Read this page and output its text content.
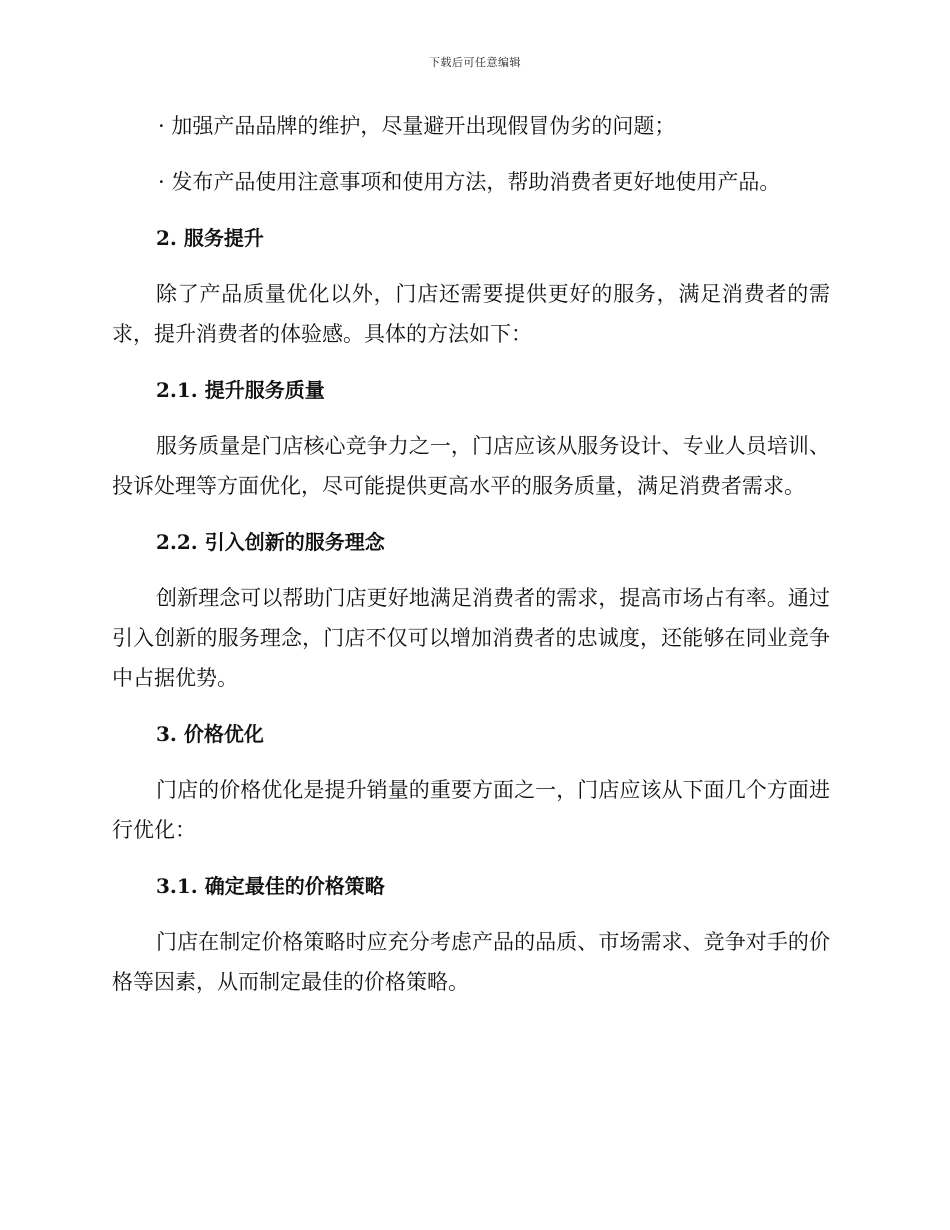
下载后可任意编辑

· 加强产品品牌的维护，尽量避开出现假冒伪劣的问题；

· 发布产品使用注意事项和使用方法，帮助消费者更好地使用产品。

2. 服务提升

除了产品质量优化以外，门店还需要提供更好的服务，满足消费者的需求，提升消费者的体验感。具体的方法如下：

2.1. 提升服务质量

服务质量是门店核心竞争力之一，门店应该从服务设计、专业人员培训、投诉处理等方面优化，尽可能提供更高水平的服务质量，满足消费者需求。

2.2. 引入创新的服务理念

创新理念可以帮助门店更好地满足消费者的需求，提高市场占有率。通过引入创新的服务理念，门店不仅可以增加消费者的忠诚度，还能够在同业竞争中占据优势。

3. 价格优化

门店的价格优化是提升销量的重要方面之一，门店应该从下面几个方面进行优化：

3.1. 确定最佳的价格策略

门店在制定价格策略时应充分考虑产品的品质、市场需求、竞争对手的价格等因素，从而制定最佳的价格策略。
